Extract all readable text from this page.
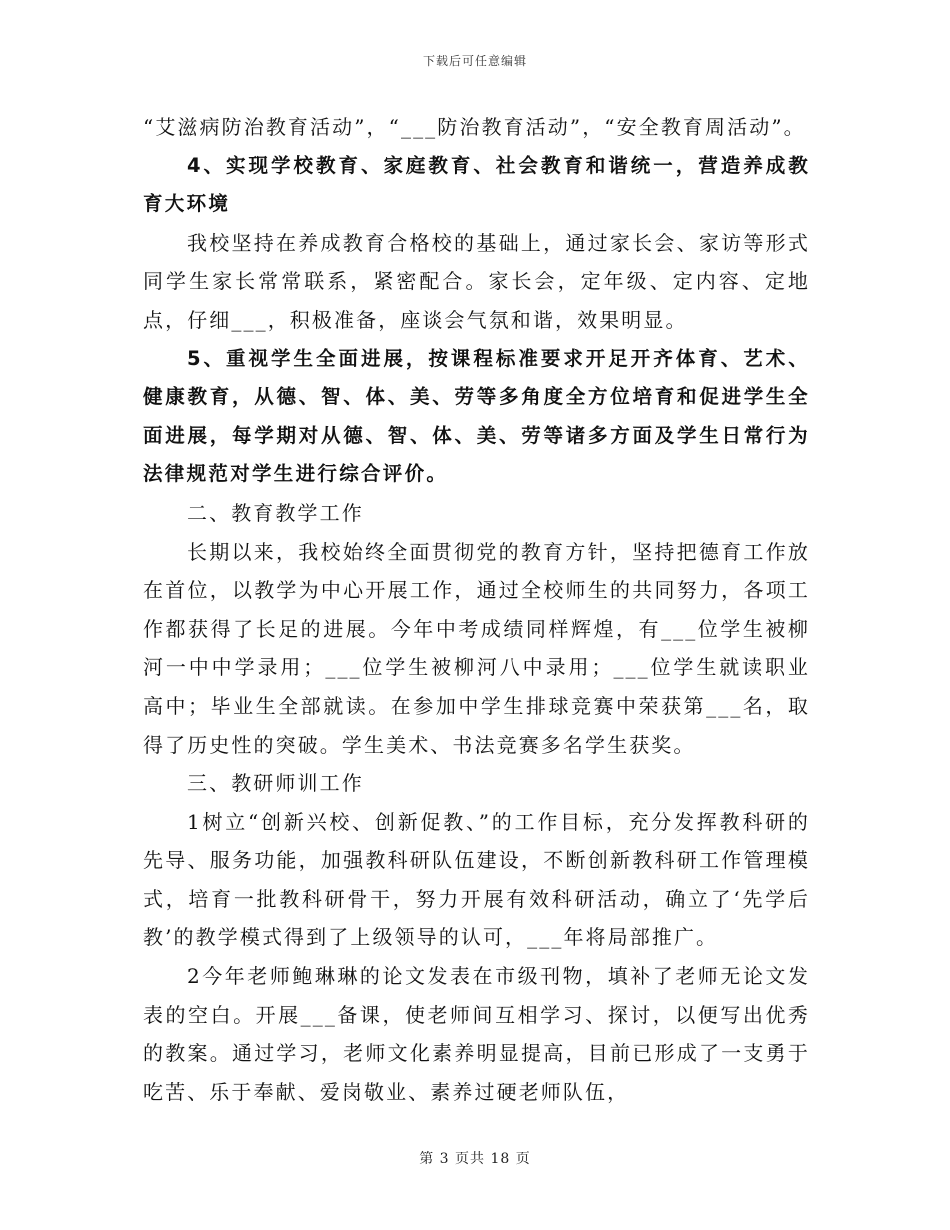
下载后可任意编辑

“艾滋病防治教育活动”，“___防治教育活动”，“安全教育周活动”。

4、实现学校教育、家庭教育、社会教育和谐统一，营造养成教育大环境

我校坚持在养成教育合格校的基础上，通过家长会、家访等形式同学生家长常常联系，紧密配合。家长会，定年级、定内容、定地点，仔细___，积极准备，座谈会气氛和谐，效果明显。

5、重视学生全面进展，按课程标准要求开足开齐体育、艺术、健康教育，从德、智、体、美、劳等多角度全方位培育和促进学生全面进展，每学期对从德、智、体、美、劳等诸多方面及学生日常行为法律规范对学生进行综合评价。

二、教育教学工作

长期以来，我校始终全面贯彻党的教育方针，坚持把德育工作放在首位，以教学为中心开展工作，通过全校师生的共同努力，各项工作都获得了长足的进展。今年中考成绩同样辉煌，有___位学生被柳河一中中学录用；___位学生被柳河八中录用；___位学生就读职业高中；毕业生全部就读。在参加中学生排球竞赛中荣获第___名，取得了历史性的突破。学生美术、书法竞赛多名学生获奖。

三、教研师训工作

1树立“创新兴校、创新促教、”的工作目标，充分发挥教科研的先导、服务功能，加强教科研队伍建设，不断创新教科研工作管理模式，培育一批教科研骨干，努力开展有效科研活动，确立了‘先学后教’的教学模式得到了上级领导的认可，___年将局部推广。

2今年老师鲍琳琳的论文发表在市级刊物，填补了老师无论文发表的空白。开展___备课，使老师间互相学习、探讨，以便写出优秀的教案。通过学习，老师文化素养明显提高，目前已形成了一支勇于吃苦、乐于奉献、爱岗敬业、素养过硬老师队伍，

第 3 页共 18 页
